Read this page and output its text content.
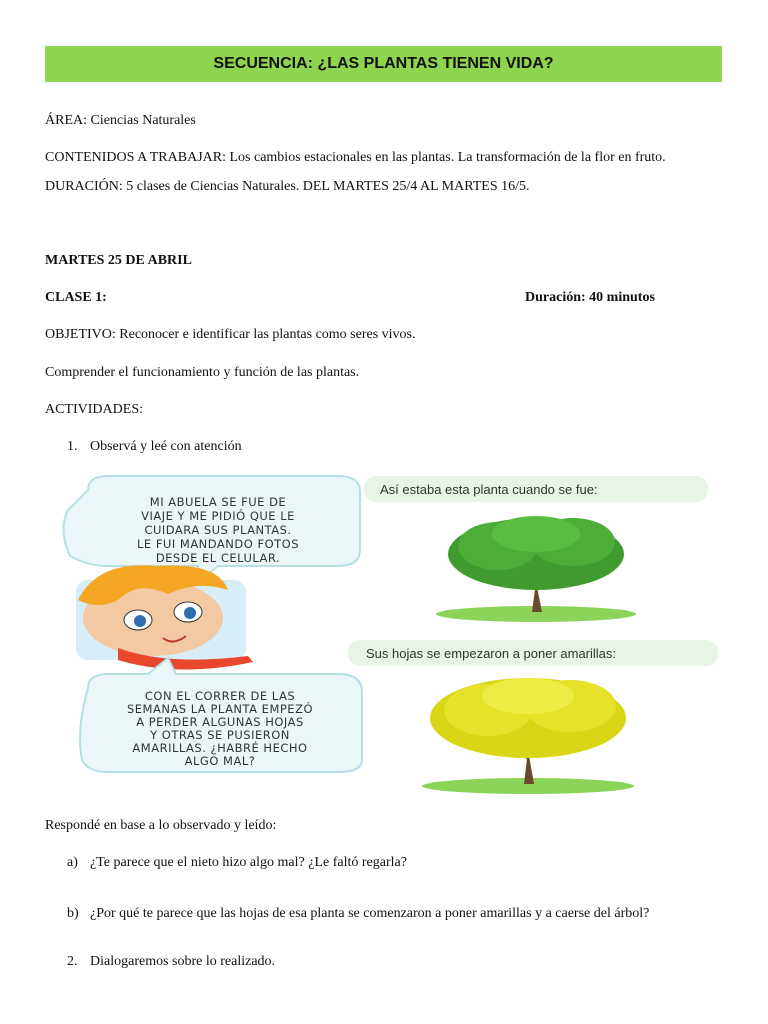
SECUENCIA: ¿LAS PLANTAS TIENEN VIDA?
ÁREA: Ciencias Naturales
CONTENIDOS A TRABAJAR: Los cambios estacionales en las plantas. La transformación de la flor en fruto.
DURACIÓN: 5 clases de Ciencias Naturales. DEL MARTES 25/4 AL MARTES 16/5.
MARTES 25 DE ABRIL
CLASE 1:	Duración: 40 minutos
OBJETIVO: Reconocer e identificar las plantas como seres vivos.
Comprender el funcionamiento y función de las plantas.
ACTIVIDADES:
1. Observá y leé con atención
MI ABUELA SE FUE DE
VIAJE Y ME PIDIÓ QUE LE
CUIDARA SUS PLANTAS.
LE FUI MANDANDO FOTOS
DESDE EL CELULAR.
CON EL CORRER DE LAS
SEMANAS LA PLANTA EMPEZÓ
A PERDER ALGUNAS HOJAS
Y OTRAS SE PUSIERON
AMARILLAS. ¿HABRÉ HECHO
ALGO MAL?
Así estaba esta planta cuando se fue:
Sus hojas se empezaron a poner amarillas:
Respondé en base a lo observado y leído:
a) ¿Te parece que el nieto hizo algo mal? ¿Le faltó regarla?
b) ¿Por qué te parece que las hojas de esa planta se comenzaron a poner amarillas y a caerse del árbol?
2. Dialogaremos sobre lo realizado.
